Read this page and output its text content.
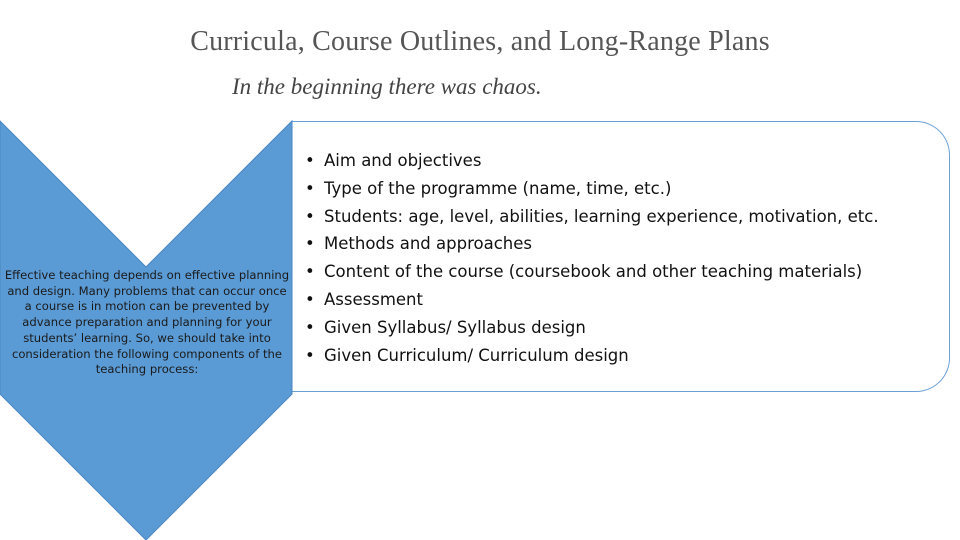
Curricula, Course Outlines, and Long-Range Plans
In the beginning there was chaos.
Effective teaching depends on effective planning and design. Many problems that can occur once a course is in motion can be prevented by advance preparation and planning for your students’ learning. So, we should take into consideration the following components of the teaching process:
• Aim and objectives
• Type of the programme (name, time, etc.)
• Students: age, level, abilities, learning experience, motivation, etc.
• Methods and approaches
• Content of the course (coursebook and other teaching materials)
• Assessment
• Given Syllabus/ Syllabus design
• Given Curriculum/ Curriculum design
